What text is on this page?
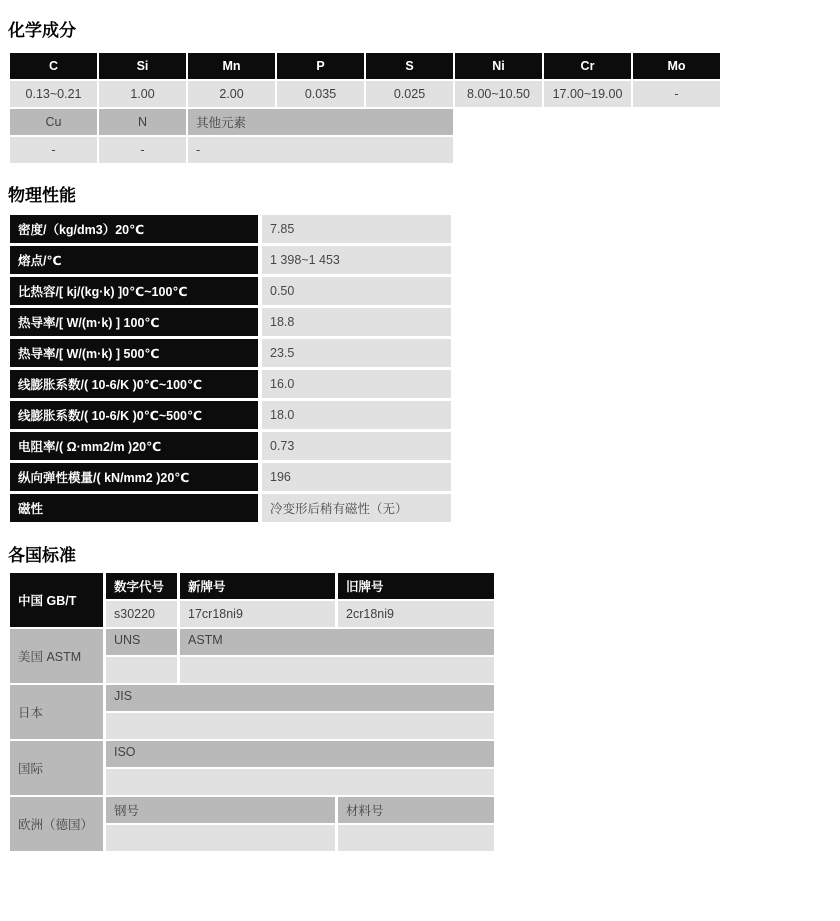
化学成分
C	Si	Mn	P	S	Ni	Cr	Mo
0.13~0.21	1.00	2.00	0.035	0.025	8.00~10.50	17.00~19.00	-
Cu	N	其他元素					
-	-	-					
物理性能
密度/（kg/dm3）20℃	7.85
熔点/℃	1 398~1 453
比热容/[ kj/(kg·k) ]0℃~100℃	0.50
热导率/[ W/(m·k) ] 100℃	18.8
热导率/[ W/(m·k) ] 500℃	23.5
线膨胀系数/( 10-6/K )0℃~100℃	16.0
线膨胀系数/( 10-6/K )0℃~500℃	18.0
电阻率/( Ω·mm2/m )20℃	0.73
纵向弹性模量/( kN/mm2 )20℃	196
磁性	冷变形后稍有磁性（无）
各国标准
中国 GB/T	数字代号	新牌号	旧牌号
	s30220	17cr18ni9	2cr18ni9
美国 ASTM	UNS	ASTM	

日本	JIS		

国际	ISO		

欧洲（德国）	钢号		材料号
